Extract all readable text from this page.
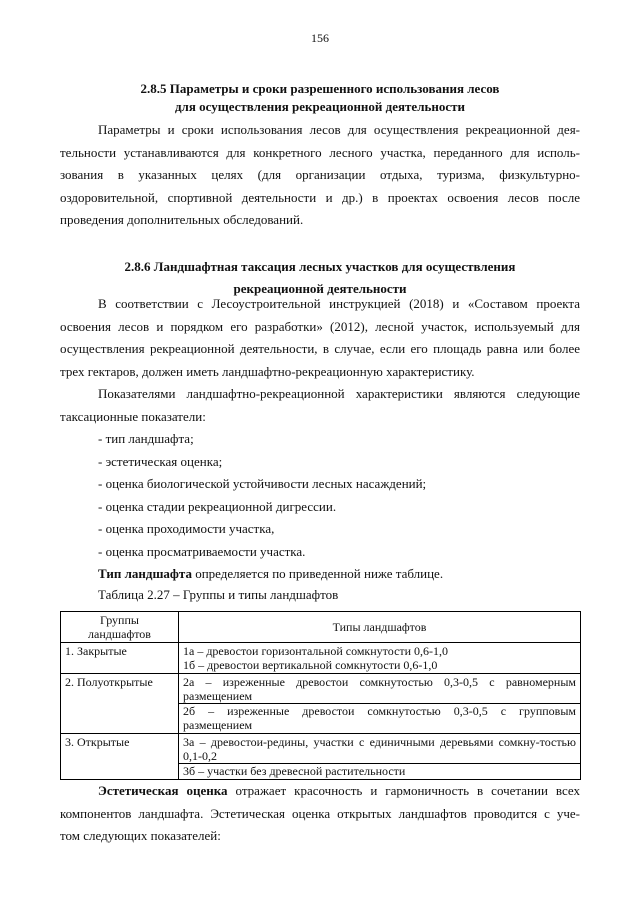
156
2.8.5 Параметры и сроки разрешенного использования лесов
для осуществления рекреационной деятельности
Параметры и сроки использования лесов для осуществления рекреационной дея-
тельности устанавливаются для конкретного лесного участка, переданного для исполь-
зования в указанных целях (для организации отдыха, туризма, физкультурно-
оздоровительной, спортивной деятельности и др.) в проектах освоения лесов после
проведения дополнительных обследований.
2.8.6 Ландшафтная таксация лесных участков для осуществления
рекреационной деятельности
В соответствии с Лесоустроительной инструкцией (2018) и «Составом проекта
освоения лесов и порядком его разработки» (2012), лесной участок, используемый для
осуществления рекреационной деятельности, в случае, если его площадь равна или более
трех гектаров, должен иметь ландшафтно-рекреационную характеристику.
Показателями ландшафтно-рекреационной характеристики являются следующие
таксационные показатели:
- тип ландшафта;
- эстетическая оценка;
- оценка биологической устойчивости лесных насаждений;
- оценка стадии рекреационной дигрессии.
- оценка проходимости участка,
- оценка просматриваемости участка.
Тип ландшафта определяется по приведенной ниже таблице.
Таблица 2.27 – Группы и типы ландшафтов
Группы
ландшафтов	Типы ландшафтов
1. Закрытые	1а – древостои горизонтальной сомкнутости 0,6-1,0
1б – древостои вертикальной сомкнутости 0,6-1,0

2. Полуоткрытые	2а – изреженные древостои сомкнутостью 0,3-0,5 с равномерным размещением
2б – изреженные древостои сомкнутостью 0,3-0,5 с групповым размещением

3. Открытые	3а – древостои-редины, участки с единичными деревьями сомкну-тостью 0,1-0,2
3б – участки без древесной растительности
Эстетическая оценка отражает красочность и гармоничность в сочетании всех
компонентов ландшафта. Эстетическая оценка открытых ландшафтов проводится с уче-
том следующих показателей:
